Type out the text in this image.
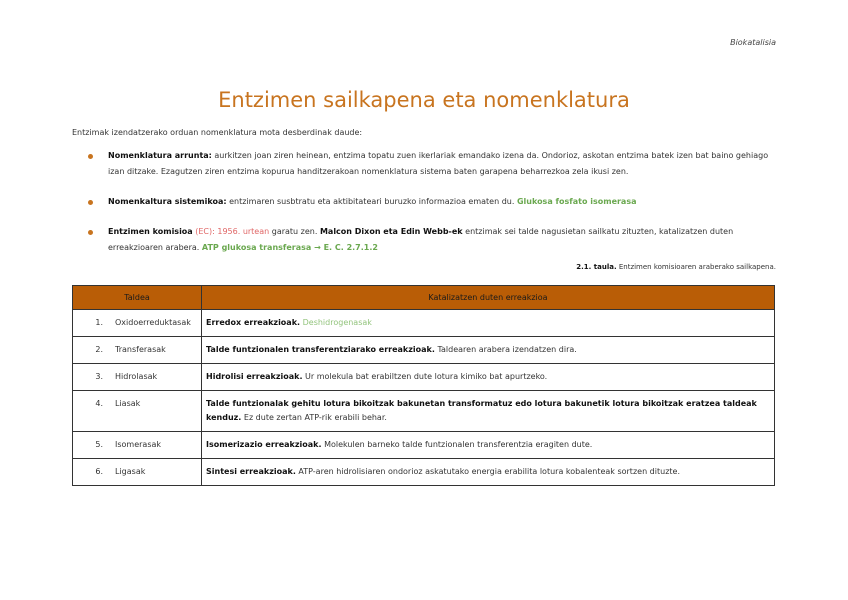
Biokatalisia
Entzimen sailkapena eta nomenklatura
Entzimak izendatzerako orduan nomenklatura mota desberdinak daude:
Nomenklatura arrunta: aurkitzen joan ziren heinean, entzima topatu zuen ikerlariak emandako izena da. Ondorioz, askotan entzima batek izen bat baino gehiago izan ditzake. Ezagutzen ziren entzima kopurua handitzerakoan nomenklatura sistema baten garapena beharrezkoa zela ikusi zen.
Nomenkaltura sistemikoa: entzimaren susbtratu eta aktibitateari buruzko informazioa ematen du. Glukosa fosfato isomerasa
Entzimen komisioa (EC): 1956. urtean garatu zen. Malcon Dixon eta Edin Webb-ek entzimak sei talde nagusietan sailkatu zituzten, katalizatzen duten erreakzioaren arabera. ATP glukosa transferasa → E. C. 2.7.1.2
2.1. taula. Entzimen komisioaren araberako sailkapena.
Taldea		Katalizatzen duten erreakzioa
1.	Oxidoerreduktasak	Erredox erreakzioak. Deshidrogenasak
2.	Transferasak	Talde funtzionalen transferentziarako erreakzioak. Taldearen arabera izendatzen dira.
3.	Hidrolasak	Hidrolisi erreakzioak. Ur molekula bat erabiltzen dute lotura kimiko bat apurtzeko.
4.	Liasak	Talde funtzionalak gehitu lotura bikoitzak bakunetan transformatuz edo lotura bakunetik lotura bikoitzak eratzea taldeak kenduz. Ez dute zertan ATP-rik erabili behar.
5.	Isomerasak	Isomerizazio erreakzioak. Molekulen barneko talde funtzionalen transferentzia eragiten dute.
6.	Ligasak	Sintesi erreakzioak. ATP-aren hidrolisiaren ondorioz askatutako energia erabilita lotura kobalenteak sortzen dituzte.
